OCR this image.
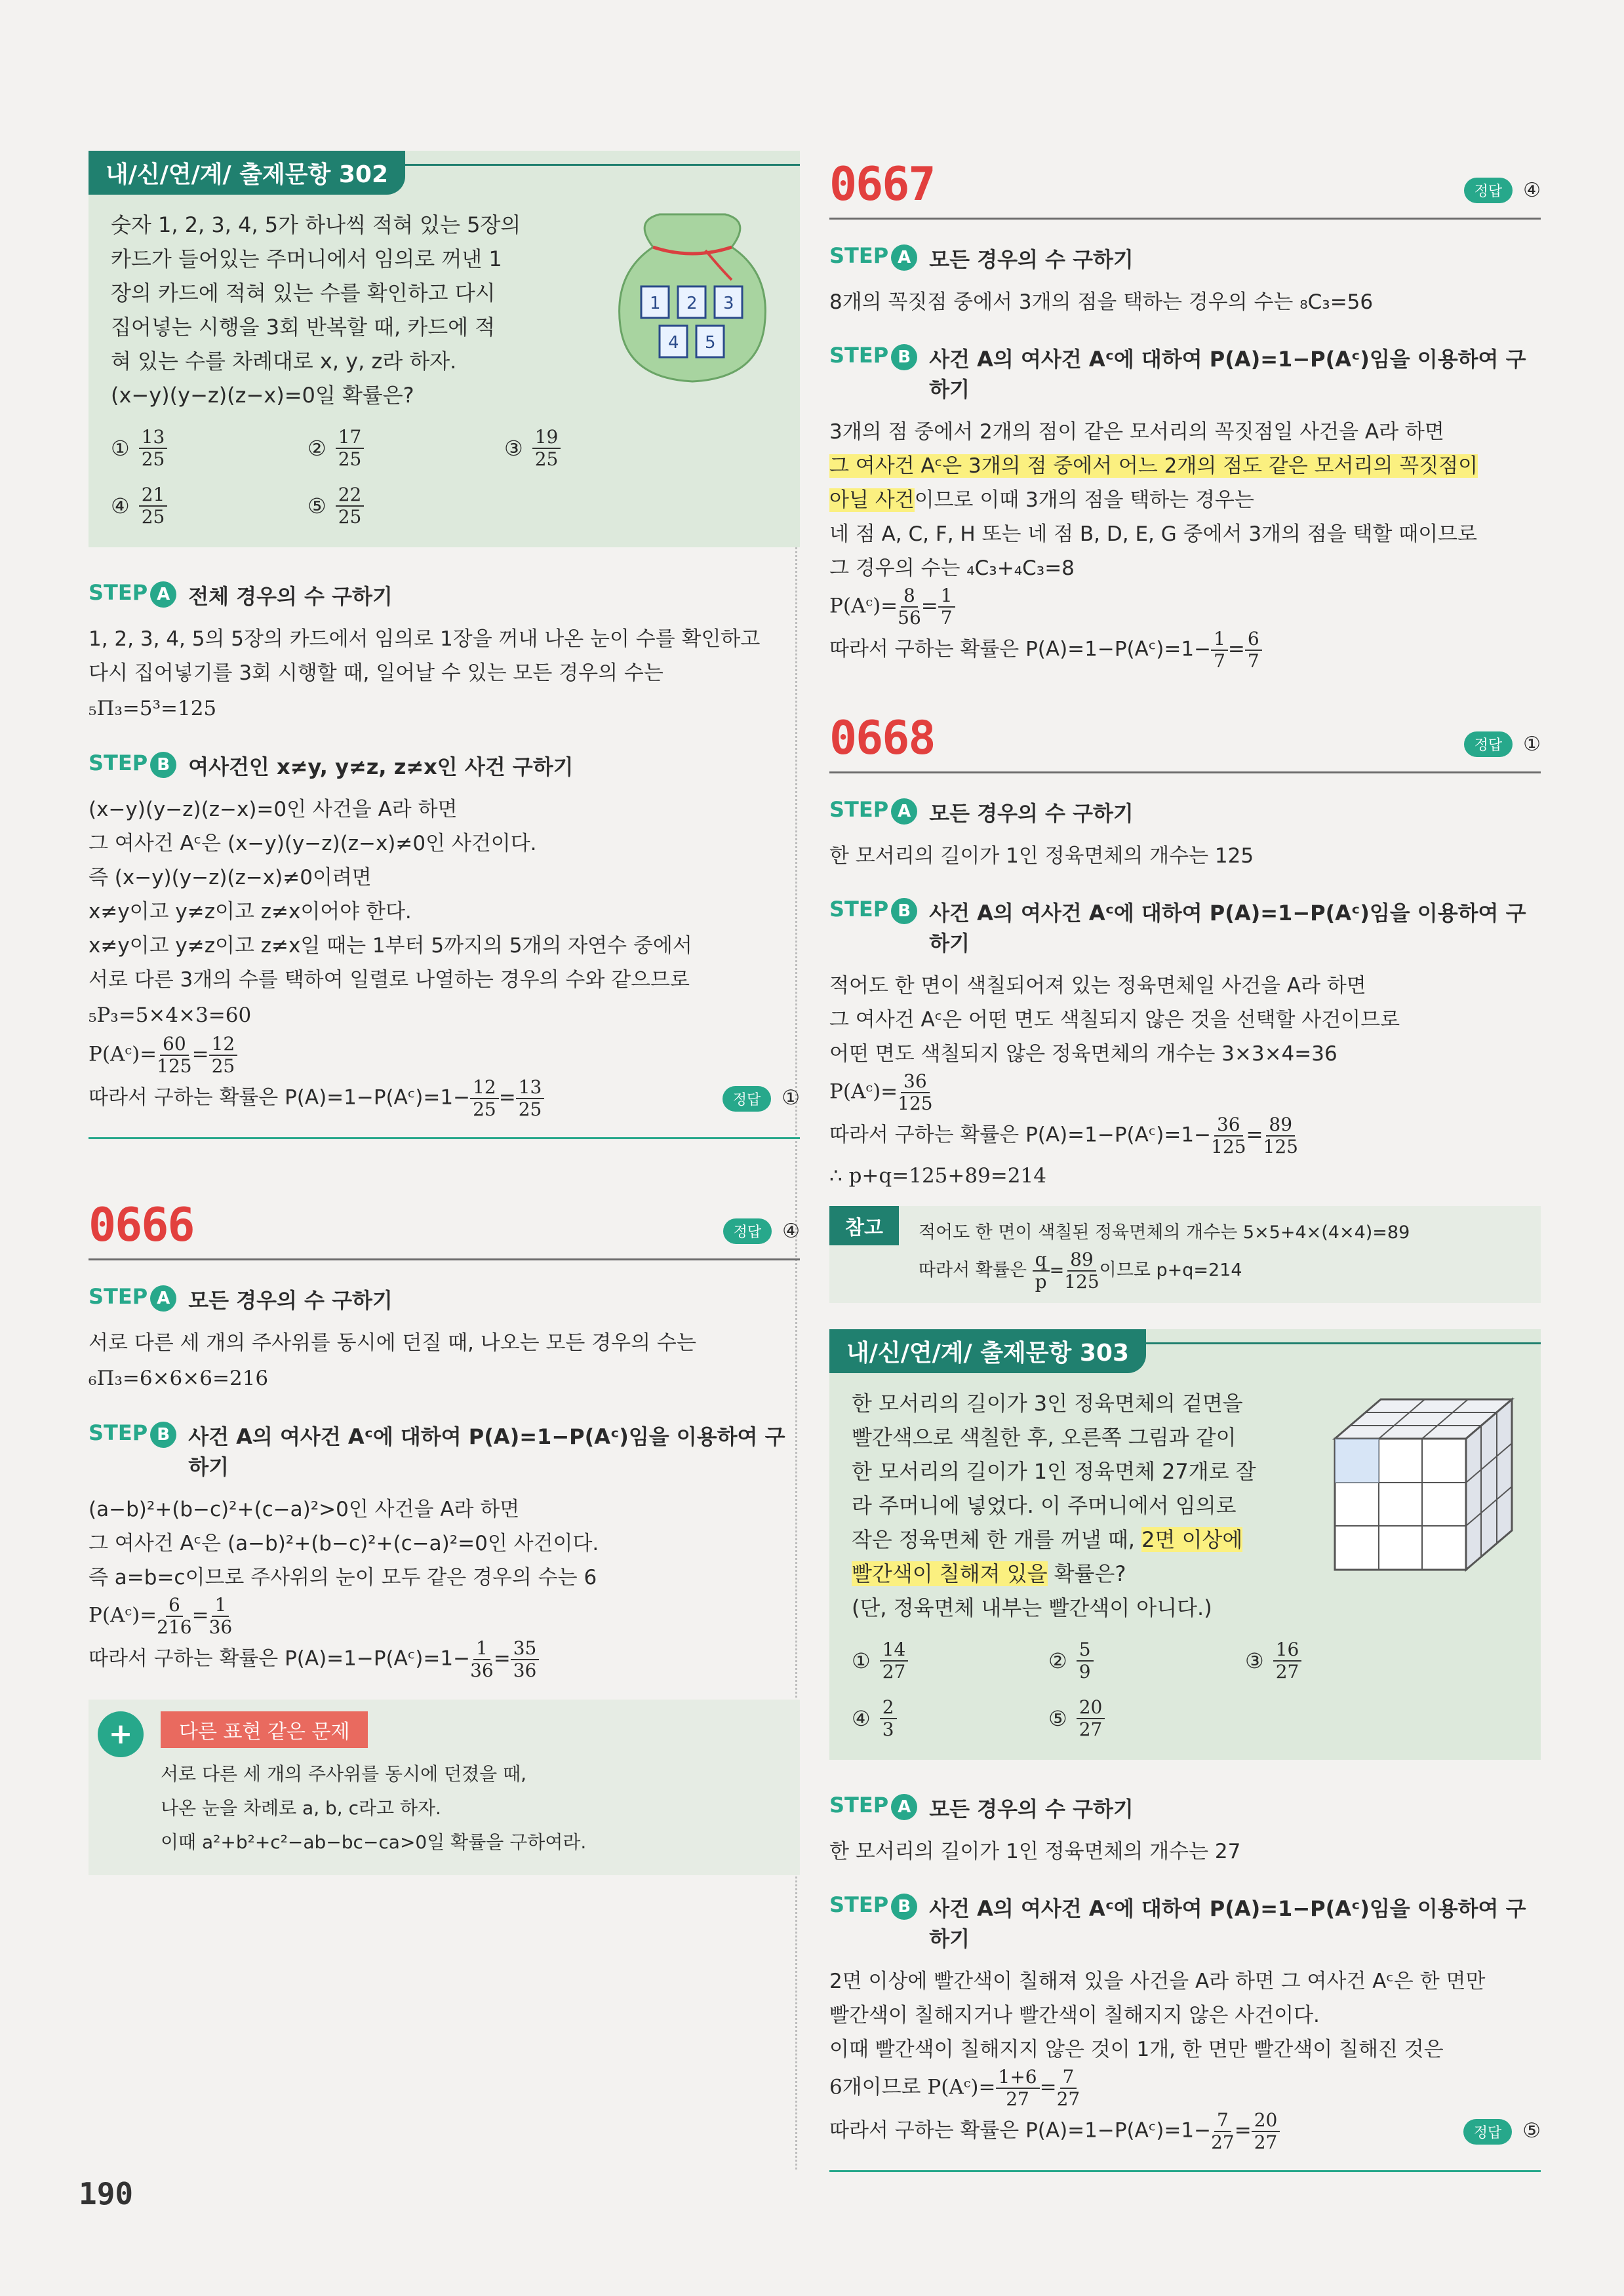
내/신/연/계/ 출제문항 302
숫자 1, 2, 3, 4, 5가 하나씩 적혀 있는 5장의
카드가 들어있는 주머니에서 임의로 꺼낸 1
장의 카드에 적혀 있는 수를 확인하고 다시
집어넣는 시행을 3회 반복할 때, 카드에 적
혀 있는 수를 차례대로 x, y, z라 하자.
(x−y)(y−z)(z−x)=0일 확률은?
1 2 3
4 5
① $\frac{13}{25}$	② $\frac{17}{25}$	③ $\frac{19}{25}$
④ $\frac{21}{25}$	⑤ $\frac{22}{25}$
STEP A 전체 경우의 수 구하기
1, 2, 3, 4, 5의 5장의 카드에서 임의로 1장을 꺼내 나온 눈이 수를 확인하고
다시 집어넣기를 3회 시행할 때, 일어날 수 있는 모든 경우의 수는
₅Π₃=5³=125
STEP B 여사건인 x≠y, y≠z, z≠x인 사건 구하기
(x−y)(y−z)(z−x)=0인 사건을 A라 하면
그 여사건 Aᶜ은 (x−y)(y−z)(z−x)≠0인 사건이다.
즉 (x−y)(y−z)(z−x)≠0이려면
x≠y이고 y≠z이고 z≠x이어야 한다.
x≠y이고 y≠z이고 z≠x일 때는 1부터 5까지의 5개의 자연수 중에서
서로 다른 3개의 수를 택하여 일렬로 나열하는 경우의 수와 같으므로
₅P₃=5×4×3=60
P(Aᶜ)= $\frac{60}{125} = \frac{12}{25}$
따라서 구하는 확률은 P(A)=1−P(Aᶜ)=1− $\frac{12}{25} = \frac{13}{25}$	정답 ①
0666	정답	④
STEP A 모든 경우의 수 구하기
서로 다른 세 개의 주사위를 동시에 던질 때, 나오는 모든 경우의 수는
₆Π₃=6×6×6=216
STEP B 사건 A의 여사건 Aᶜ에 대하여 P(A)=1−P(Aᶜ)임을 이용하여 구하기
(a−b)²+(b−c)²+(c−a)²>0인 사건을 A라 하면
그 여사건 Aᶜ은 (a−b)²+(b−c)²+(c−a)²=0인 사건이다.
즉 a=b=c이므로 주사위의 눈이 모두 같은 경우의 수는 6
P(Aᶜ)= $\frac{6}{216} = \frac{1}{36}$
따라서 구하는 확률은 P(A)=1−P(Aᶜ)=1− $\frac{1}{36} = \frac{35}{36}$
+	다른 표현 같은 문제
서로 다른 세 개의 주사위를 동시에 던졌을 때,
나온 눈을 차례로 a, b, c라고 하자.
이때 a²+b²+c²−ab−bc−ca>0일 확률을 구하여라.
0667	정답	④
STEP A 모든 경우의 수 구하기
8개의 꼭짓점 중에서 3개의 점을 택하는 경우의 수는 ₈C₃=56
STEP B 사건 A의 여사건 Aᶜ에 대하여 P(A)=1−P(Aᶜ)임을 이용하여 구하기
3개의 점 중에서 2개의 점이 같은 모서리의 꼭짓점일 사건을 A라 하면
그 여사건 Aᶜ은 3개의 점 중에서 어느 2개의 점도 같은 모서리의 꼭짓점이
아닐 사건이므로 이때 3개의 점을 택하는 경우는
네 점 A, C, F, H 또는 네 점 B, D, E, G 중에서 3개의 점을 택할 때이므로
그 경우의 수는 ₄C₃+₄C₃=8
P(Aᶜ)= $\frac{8}{56} = \frac{1}{7}$
따라서 구하는 확률은 P(A)=1−P(Aᶜ)=1− $\frac{1}{7} = \frac{6}{7}$
0668	정답	①
STEP A 모든 경우의 수 구하기
한 모서리의 길이가 1인 정육면체의 개수는 125
STEP B 사건 A의 여사건 Aᶜ에 대하여 P(A)=1−P(Aᶜ)임을 이용하여 구하기
적어도 한 면이 색칠되어져 있는 정육면체일 사건을 A라 하면
그 여사건 Aᶜ은 어떤 면도 색칠되지 않은 것을 선택할 사건이므로
어떤 면도 색칠되지 않은 정육면체의 개수는 3×3×4=36
P(Aᶜ)= $\frac{36}{125}$
따라서 구하는 확률은 P(A)=1−P(Aᶜ)=1− $\frac{36}{125} = \frac{89}{125}$
∴ p+q=125+89=214
참고	적어도 한 면이 색칠된 정육면체의 개수는 5×5+4×(4×4)=89
따라서 확률은 $\frac{q}{p} = \frac{89}{125}$ 이므로 p+q=214
내/신/연/계/ 출제문항 303
한 모서리의 길이가 3인 정육면체의 겉면을
빨간색으로 색칠한 후, 오른쪽 그림과 같이
한 모서리의 길이가 1인 정육면체 27개로 잘
라 주머니에 넣었다. 이 주머니에서 임의로
작은 정육면체 한 개를 꺼낼 때, 2면 이상에
빨간색이 칠해져 있을 확률은?
(단, 정육면체 내부는 빨간색이 아니다.)
① $\frac{14}{27}$	② $\frac{5}{9}$	③ $\frac{16}{27}$
④ $\frac{2}{3}$	⑤ $\frac{20}{27}$
STEP A 모든 경우의 수 구하기
한 모서리의 길이가 1인 정육면체의 개수는 27
STEP B 사건 A의 여사건 Aᶜ에 대하여 P(A)=1−P(Aᶜ)임을 이용하여 구하기
2면 이상에 빨간색이 칠해져 있을 사건을 A라 하면 그 여사건 Aᶜ은 한 면만
빨간색이 칠해지거나 빨간색이 칠해지지 않은 사건이다.
이때 빨간색이 칠해지지 않은 것이 1개, 한 면만 빨간색이 칠해진 것은
6개이므로 P(Aᶜ)= $\frac{1+6}{27} = \frac{7}{27}$
따라서 구하는 확률은 P(A)=1−P(Aᶜ)=1− $\frac{7}{27} = \frac{20}{27}$	정답 ⑤
190
